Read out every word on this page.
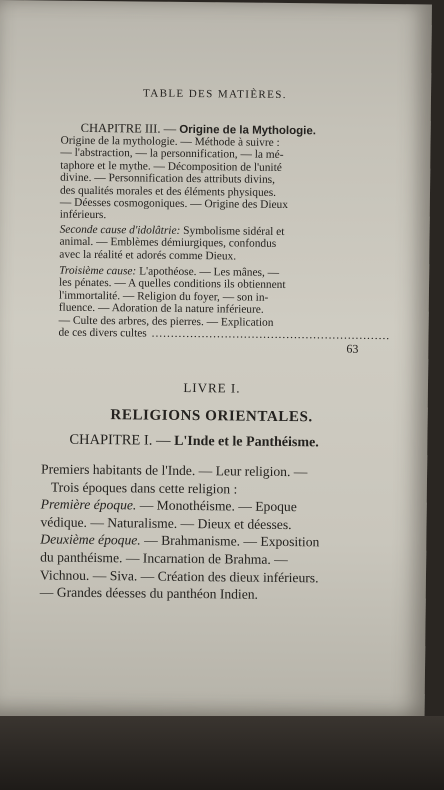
TABLE DES MATIÈRES.
CHAPITRE III. — Origine de la Mythologie.
Origine de la mythologie. — Méthode à suivre :
— l'abstraction, — la personnification, — la mé-
taphore et le mythe. — Décomposition de l'unité
divine. — Personnification des attributs divins,
des qualités morales et des éléments physiques.
— Déesses cosmogoniques. — Origine des Dieux
inférieurs.
Seconde cause d'idolâtrie: Symbolisme sidéral et
animal. — Emblèmes démiurgiques, confondus
avec la réalité et adorés comme Dieux.
Troisième cause: L'apothéose. — Les mânes, —
les pénates. — A quelles conditions ils obtiennent
l'immortalité. — Religion du foyer, — son in-
fluence. — Adoration de la nature inférieure.
— Culte des arbres, des pierres. — Explication
de ces divers cultes ..............................................................
63
LIVRE I.
RELIGIONS ORIENTALES.
CHAPITRE I. — L'Inde et le Panthéisme.
Premiers habitants de l'Inde. — Leur religion. —
Trois époques dans cette religion :
Première époque. — Monothéisme. — Epoque
védique. — Naturalisme. — Dieux et déesses.
Deuxième époque. — Brahmanisme. — Exposition
du panthéisme. — Incarnation de Brahma. —
Vichnou. — Siva. — Création des dieux inférieurs.
— Grandes déesses du panthéon Indien.
